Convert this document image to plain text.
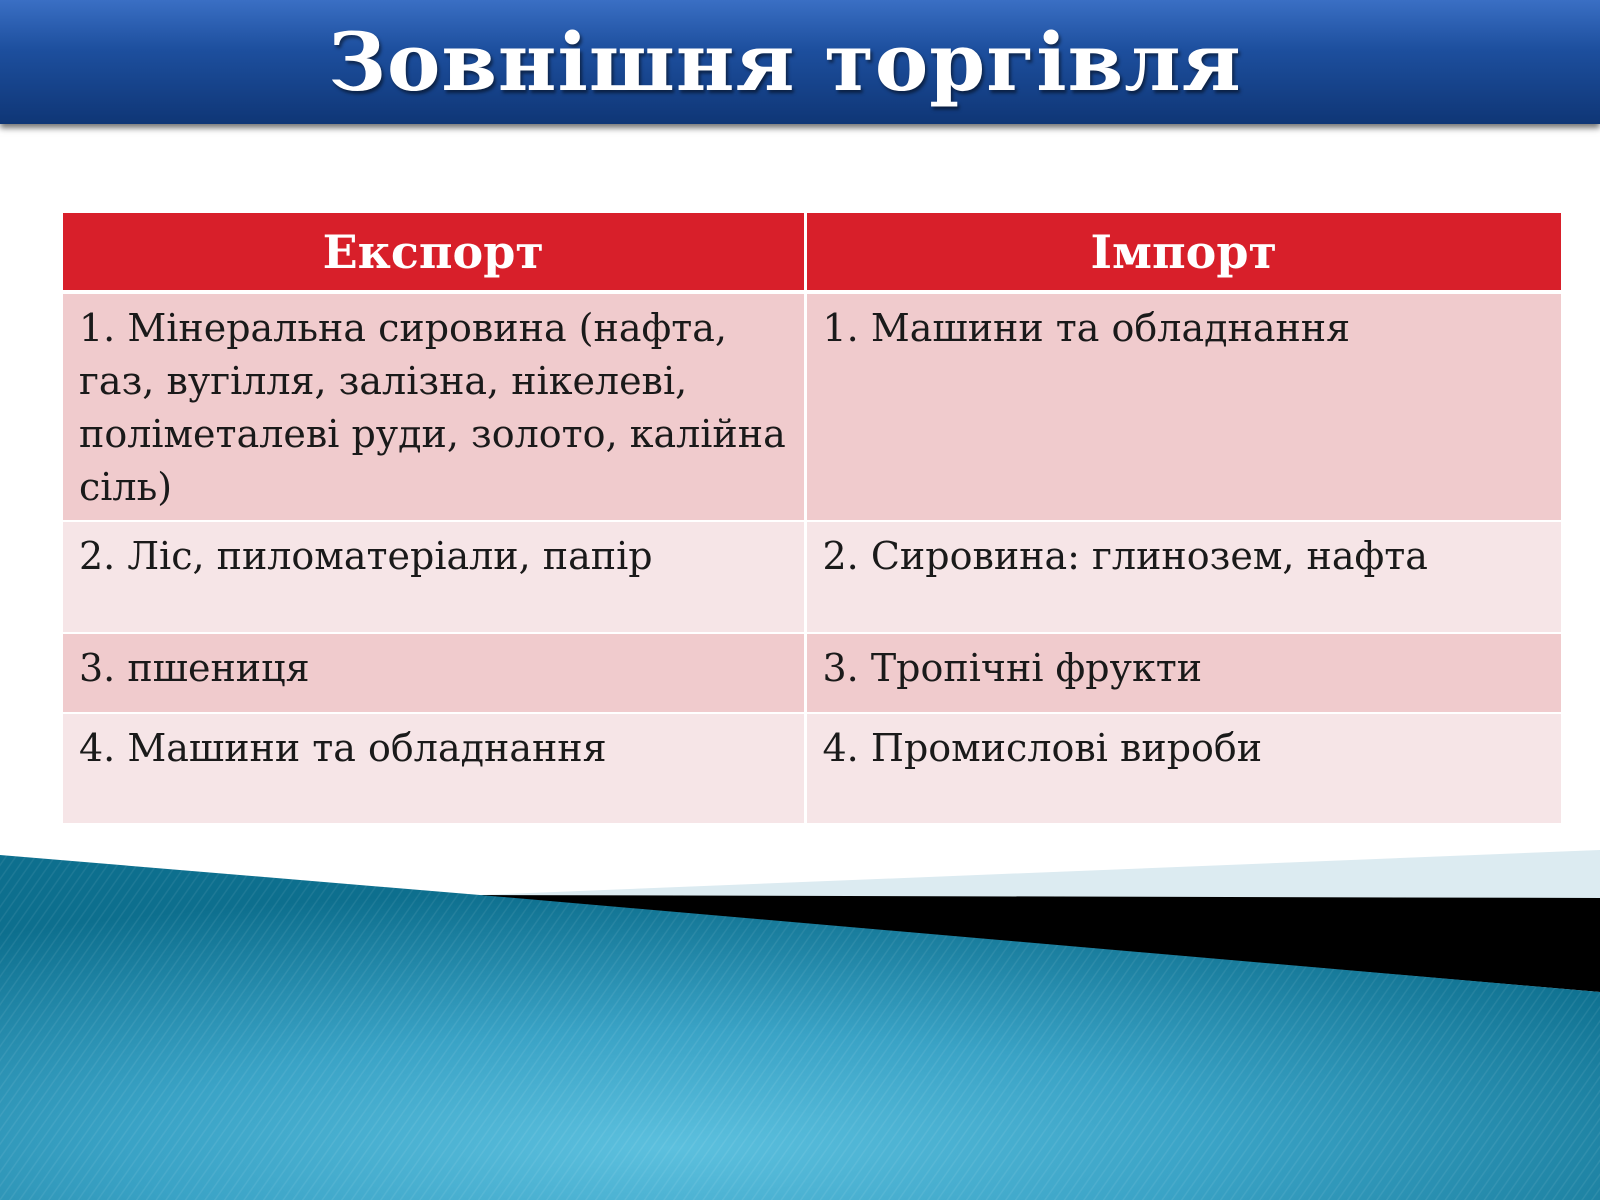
Зовнішня торгівля
Експорт	Імпорт
1. Мінеральна сировина (нафта, газ, вугілля, залізна, нікелеві, поліметалеві руди, золото, калійна сіль)	1. Машини та обладнання
2. Ліс, пиломатеріали, папір	2. Сировина: глинозем, нафта
3. пшениця	3. Тропічні фрукти
4. Машини та обладнання	4. Промислові вироби
